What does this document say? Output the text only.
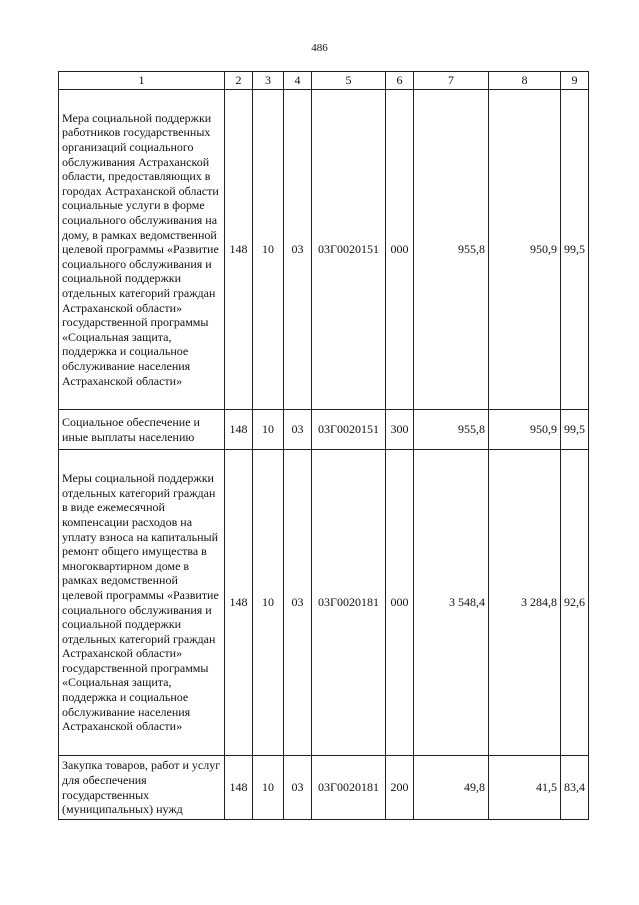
486
1	2	3	4	5	6	7	8	9
Мера социальной поддержки работников государственных организаций социального обслуживания Астраханской области, предоставляющих в городах Астраханской области социальные услуги в форме социального обслуживания на дому, в рамках ведомственной целевой программы «Развитие социального обслуживания и социальной поддержки отдельных категорий граждан Астраханской области» государственной программы «Социальная защита, поддержка и социальное обслуживание населения Астраханской области»	148	10	03	03Г0020151	000	955,8	950,9	99,5
Социальное обеспечение и иные выплаты населению	148	10	03	03Г0020151	300	955,8	950,9	99,5
Меры социальной поддержки отдельных категорий граждан в виде ежемесячной компенсации расходов на уплату взноса на капитальный ремонт общего имущества в многоквартирном доме в рамках ведомственной целевой программы «Развитие социального обслуживания и социальной поддержки отдельных категорий граждан Астраханской области» государственной программы «Социальная защита, поддержка и социальное обслуживание населения Астраханской области»	148	10	03	03Г0020181	000	3 548,4	3 284,8	92,6
Закупка товаров, работ и услуг для обеспечения государственных (муниципальных) нужд	148	10	03	03Г0020181	200	49,8	41,5	83,4
